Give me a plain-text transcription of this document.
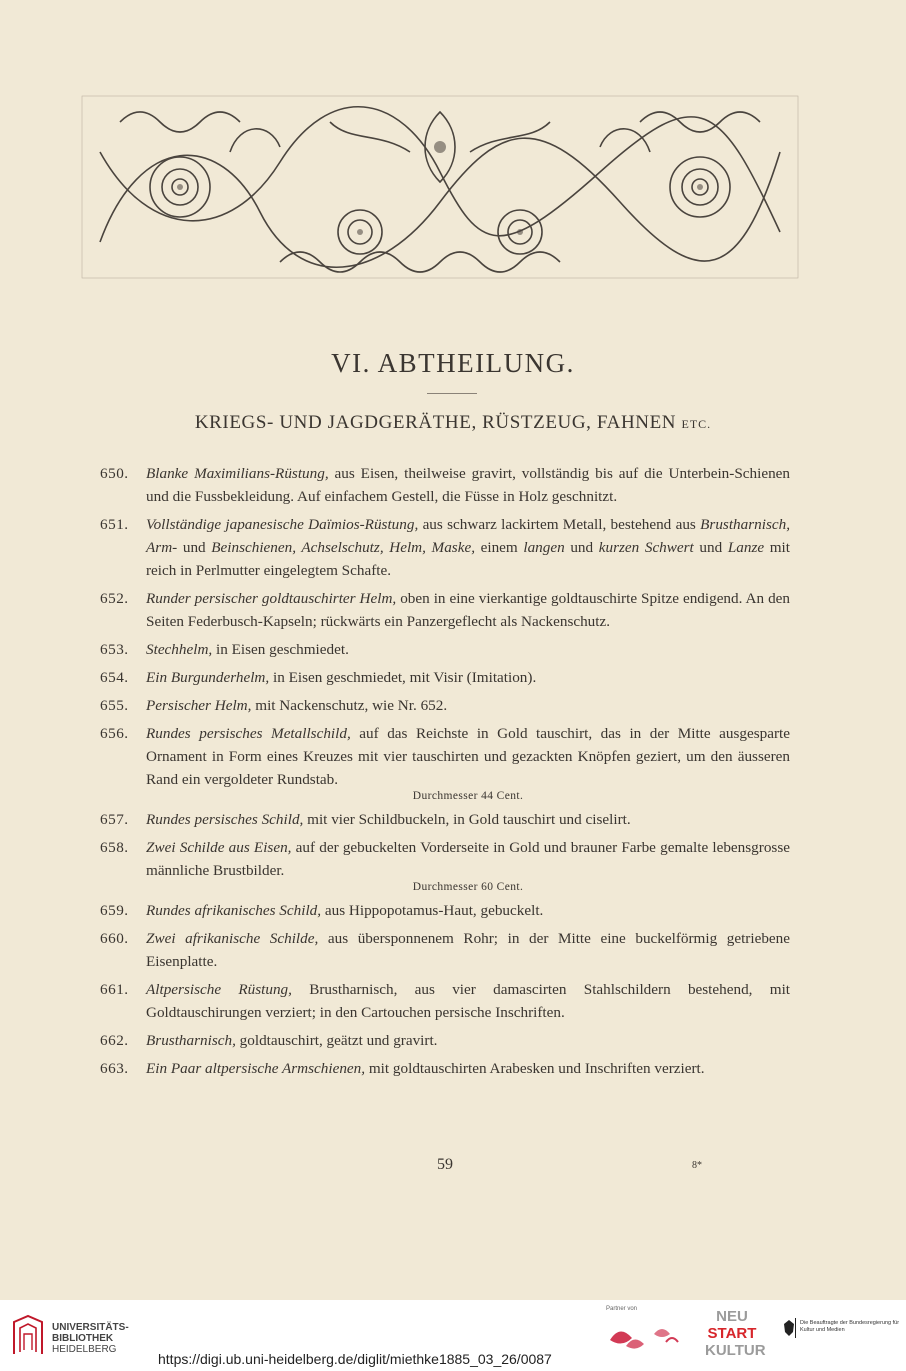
VI. ABTHEILUNG.
KRIEGS- UND JAGDGERÄTHE, RÜSTZEUG, FAHNEN ETC.
650. Blanke Maximilians-Rüstung, aus Eisen, theilweise gravirt, vollständig bis auf die Unterbein-Schienen und die Fussbekleidung. Auf einfachem Gestell, die Füsse in Holz geschnitzt.
651. Vollständige japanesische Daïmios-Rüstung, aus schwarz lackirtem Metall, bestehend aus Brustharnisch, Arm- und Beinschienen, Achselschutz, Helm, Maske, einem langen und kurzen Schwert und Lanze mit reich in Perlmutter eingelegtem Schafte.
652. Runder persischer goldtauschirter Helm, oben in eine vierkantige goldtauschirte Spitze endigend. An den Seiten Federbusch-Kapseln; rückwärts ein Panzergeflecht als Nackenschutz.
653. Stechhelm, in Eisen geschmiedet.
654. Ein Burgunderhelm, in Eisen geschmiedet, mit Visir (Imitation).
655. Persischer Helm, mit Nackenschutz, wie Nr. 652.
656. Rundes persisches Metallschild, auf das Reichste in Gold tauschirt, das in der Mitte ausgesparte Ornament in Form eines Kreuzes mit vier tauschirten und gezackten Knöpfen geziert, um den äusseren Rand ein vergoldeter Rundstab.
Durchmesser 44 Cent.
657. Rundes persisches Schild, mit vier Schildbuckeln, in Gold tauschirt und ciselirt.
658. Zwei Schilde aus Eisen, auf der gebuckelten Vorderseite in Gold und brauner Farbe gemalte lebensgrosse männliche Brustbilder.
Durchmesser 60 Cent.
659. Rundes afrikanisches Schild, aus Hippopotamus-Haut, gebuckelt.
660. Zwei afrikanische Schilde, aus übersponnenem Rohr; in der Mitte eine buckelförmig getriebene Eisenplatte.
661. Altpersische Rüstung, Brustharnisch, aus vier damascirten Stahlschildern bestehend, mit Goldtauschirungen verziert; in den Cartouchen persische Inschriften.
662. Brustharnisch, goldtauschirt, geätzt und gravirt.
663. Ein Paar altpersische Armschienen, mit goldtauschirten Arabesken und Inschriften verziert.
59	8*
UNIVERSITÄTS-
BIBLIOTHEK
HEIDELBERG
https://digi.ub.uni-heidelberg.de/diglit/miethke1885_03_26/0087
Partner von	NEU
START
KULTUR
Die Beauftragte der Bundesregierung für Kultur und Medien
